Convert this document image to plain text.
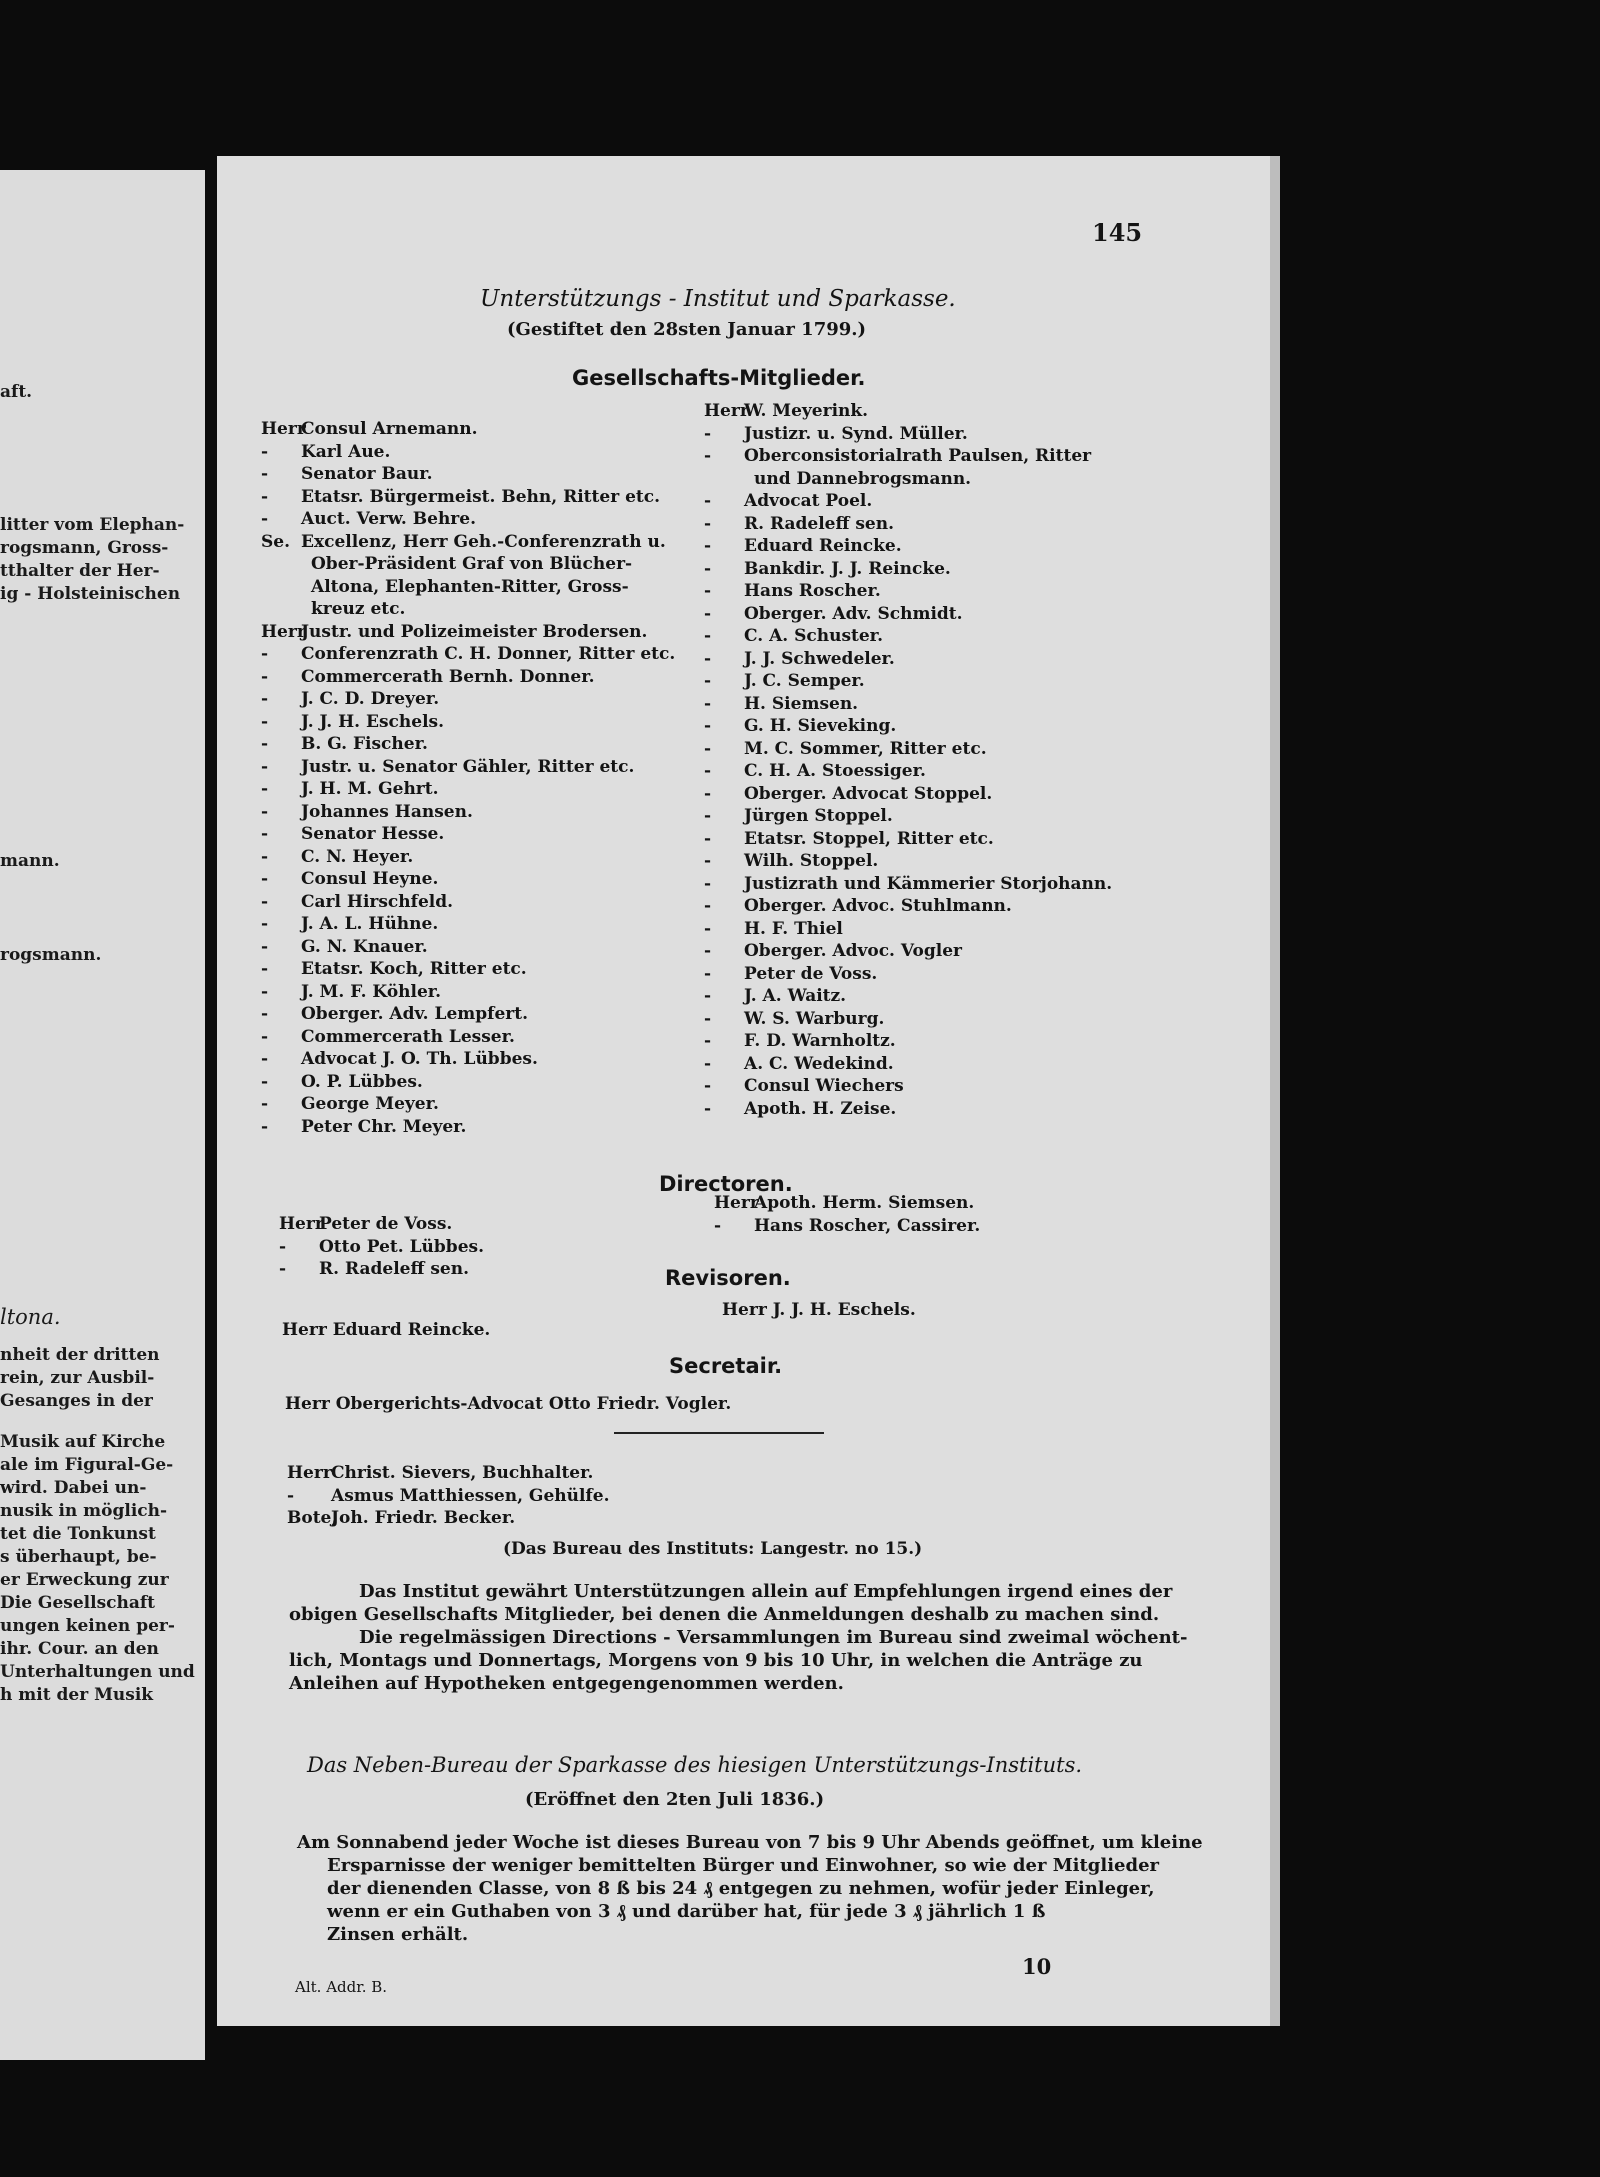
aft.
litter vom Elephan-
rogsmann, Gross-
tthalter der Her-
ig - Holsteinischen
mann.
rogsmann.
ltona.
nheit der dritten
rein, zur Ausbil-
Gesanges in der
Musik auf Kirche
ale im Figural-Ge-
wird. Dabei un-
nusik in möglich-
tet die Tonkunst
s überhaupt, be-
er Erweckung zur
Die Gesellschaft
ungen keinen per-
ihr. Cour. an den
Unterhaltungen und
h mit der Musik
145
Unterstützungs - Institut und Sparkasse.
(Gestiftet den 28sten Januar 1799.)
Gesellschafts-Mitglieder.
HerrConsul Arnemann.
- Karl Aue.
- Senator Baur.
- Etatsr. Bürgermeist. Behn, Ritter etc.
- Auct. Verw. Behre.
Se. Excellenz, Herr Geh.-Conferenzrath u.
Ober-Präsident Graf von Blücher-
Altona, Elephanten-Ritter, Gross-
kreuz etc.
HerrJustr. und Polizeimeister Brodersen.
- Conferenzrath C. H. Donner, Ritter etc.
- Commercerath Bernh. Donner.
- J. C. D. Dreyer.
- J. J. H. Eschels.
- B. G. Fischer.
- Justr. u. Senator Gähler, Ritter etc.
- J. H. M. Gehrt.
- Johannes Hansen.
- Senator Hesse.
- C. N. Heyer.
- Consul Heyne.
- Carl Hirschfeld.
- J. A. L. Hühne.
- G. N. Knauer.
- Etatsr. Koch, Ritter etc.
- J. M. F. Köhler.
- Oberger. Adv. Lempfert.
- Commercerath Lesser.
- Advocat J. O. Th. Lübbes.
- O. P. Lübbes.
- George Meyer.
- Peter Chr. Meyer.
HerrW. Meyerink.
- Justizr. u. Synd. Müller.
- Oberconsistorialrath Paulsen, Ritter
und Dannebrogsmann.
- Advocat Poel.
- R. Radeleff sen.
- Eduard Reincke.
- Bankdir. J. J. Reincke.
- Hans Roscher.
- Oberger. Adv. Schmidt.
- C. A. Schuster.
- J. J. Schwedeler.
- J. C. Semper.
- H. Siemsen.
- G. H. Sieveking.
- M. C. Sommer, Ritter etc.
- C. H. A. Stoessiger.
- Oberger. Advocat Stoppel.
- Jürgen Stoppel.
- Etatsr. Stoppel, Ritter etc.
- Wilh. Stoppel.
- Justizrath und Kämmerier Storjohann.
- Oberger. Advoc. Stuhlmann.
- H. F. Thiel
- Oberger. Advoc. Vogler
- Peter de Voss.
- J. A. Waitz.
- W. S. Warburg.
- F. D. Warnholtz.
- A. C. Wedekind.
- Consul Wiechers
- Apoth. H. Zeise.
Directoren.
HerrPeter de Voss.
- Otto Pet. Lübbes.
- R. Radeleff sen.
HerrApoth. Herm. Siemsen.
- Hans Roscher, Cassirer.
Revisoren.
Herr Eduard Reincke.
Herr J. J. H. Eschels.
Secretair.
Herr Obergerichts-Advocat Otto Friedr. Vogler.
HerrChrist. Sievers, Buchhalter.
- Asmus Matthiessen, Gehülfe.
Bote,Joh. Friedr. Becker.
(Das Bureau des Instituts: Langestr. no 15.)
Das Institut gewährt Unterstützungen allein auf Empfehlungen irgend eines der
obigen Gesellschafts Mitglieder, bei denen die Anmeldungen deshalb zu machen sind.
Die regelmässigen Directions - Versammlungen im Bureau sind zweimal wöchent-
lich, Montags und Donnertags, Morgens von 9 bis 10 Uhr, in welchen die Anträge zu
Anleihen auf Hypotheken entgegengenommen werden.
Das Neben-Bureau der Sparkasse des hiesigen Unterstützungs-Instituts.
(Eröffnet den 2ten Juli 1836.)
Am Sonnabend jeder Woche ist dieses Bureau von 7 bis 9 Uhr Abends geöffnet, um kleine
Ersparnisse der weniger bemittelten Bürger und Einwohner, so wie der Mitglieder
der dienenden Classe, von 8 ß bis 24 ₰ entgegen zu nehmen, wofür jeder Einleger,
wenn er ein Guthaben von 3 ₰ und darüber hat, für jede 3 ₰ jährlich 1 ß
Zinsen erhält.
10
Alt. Addr. B.
